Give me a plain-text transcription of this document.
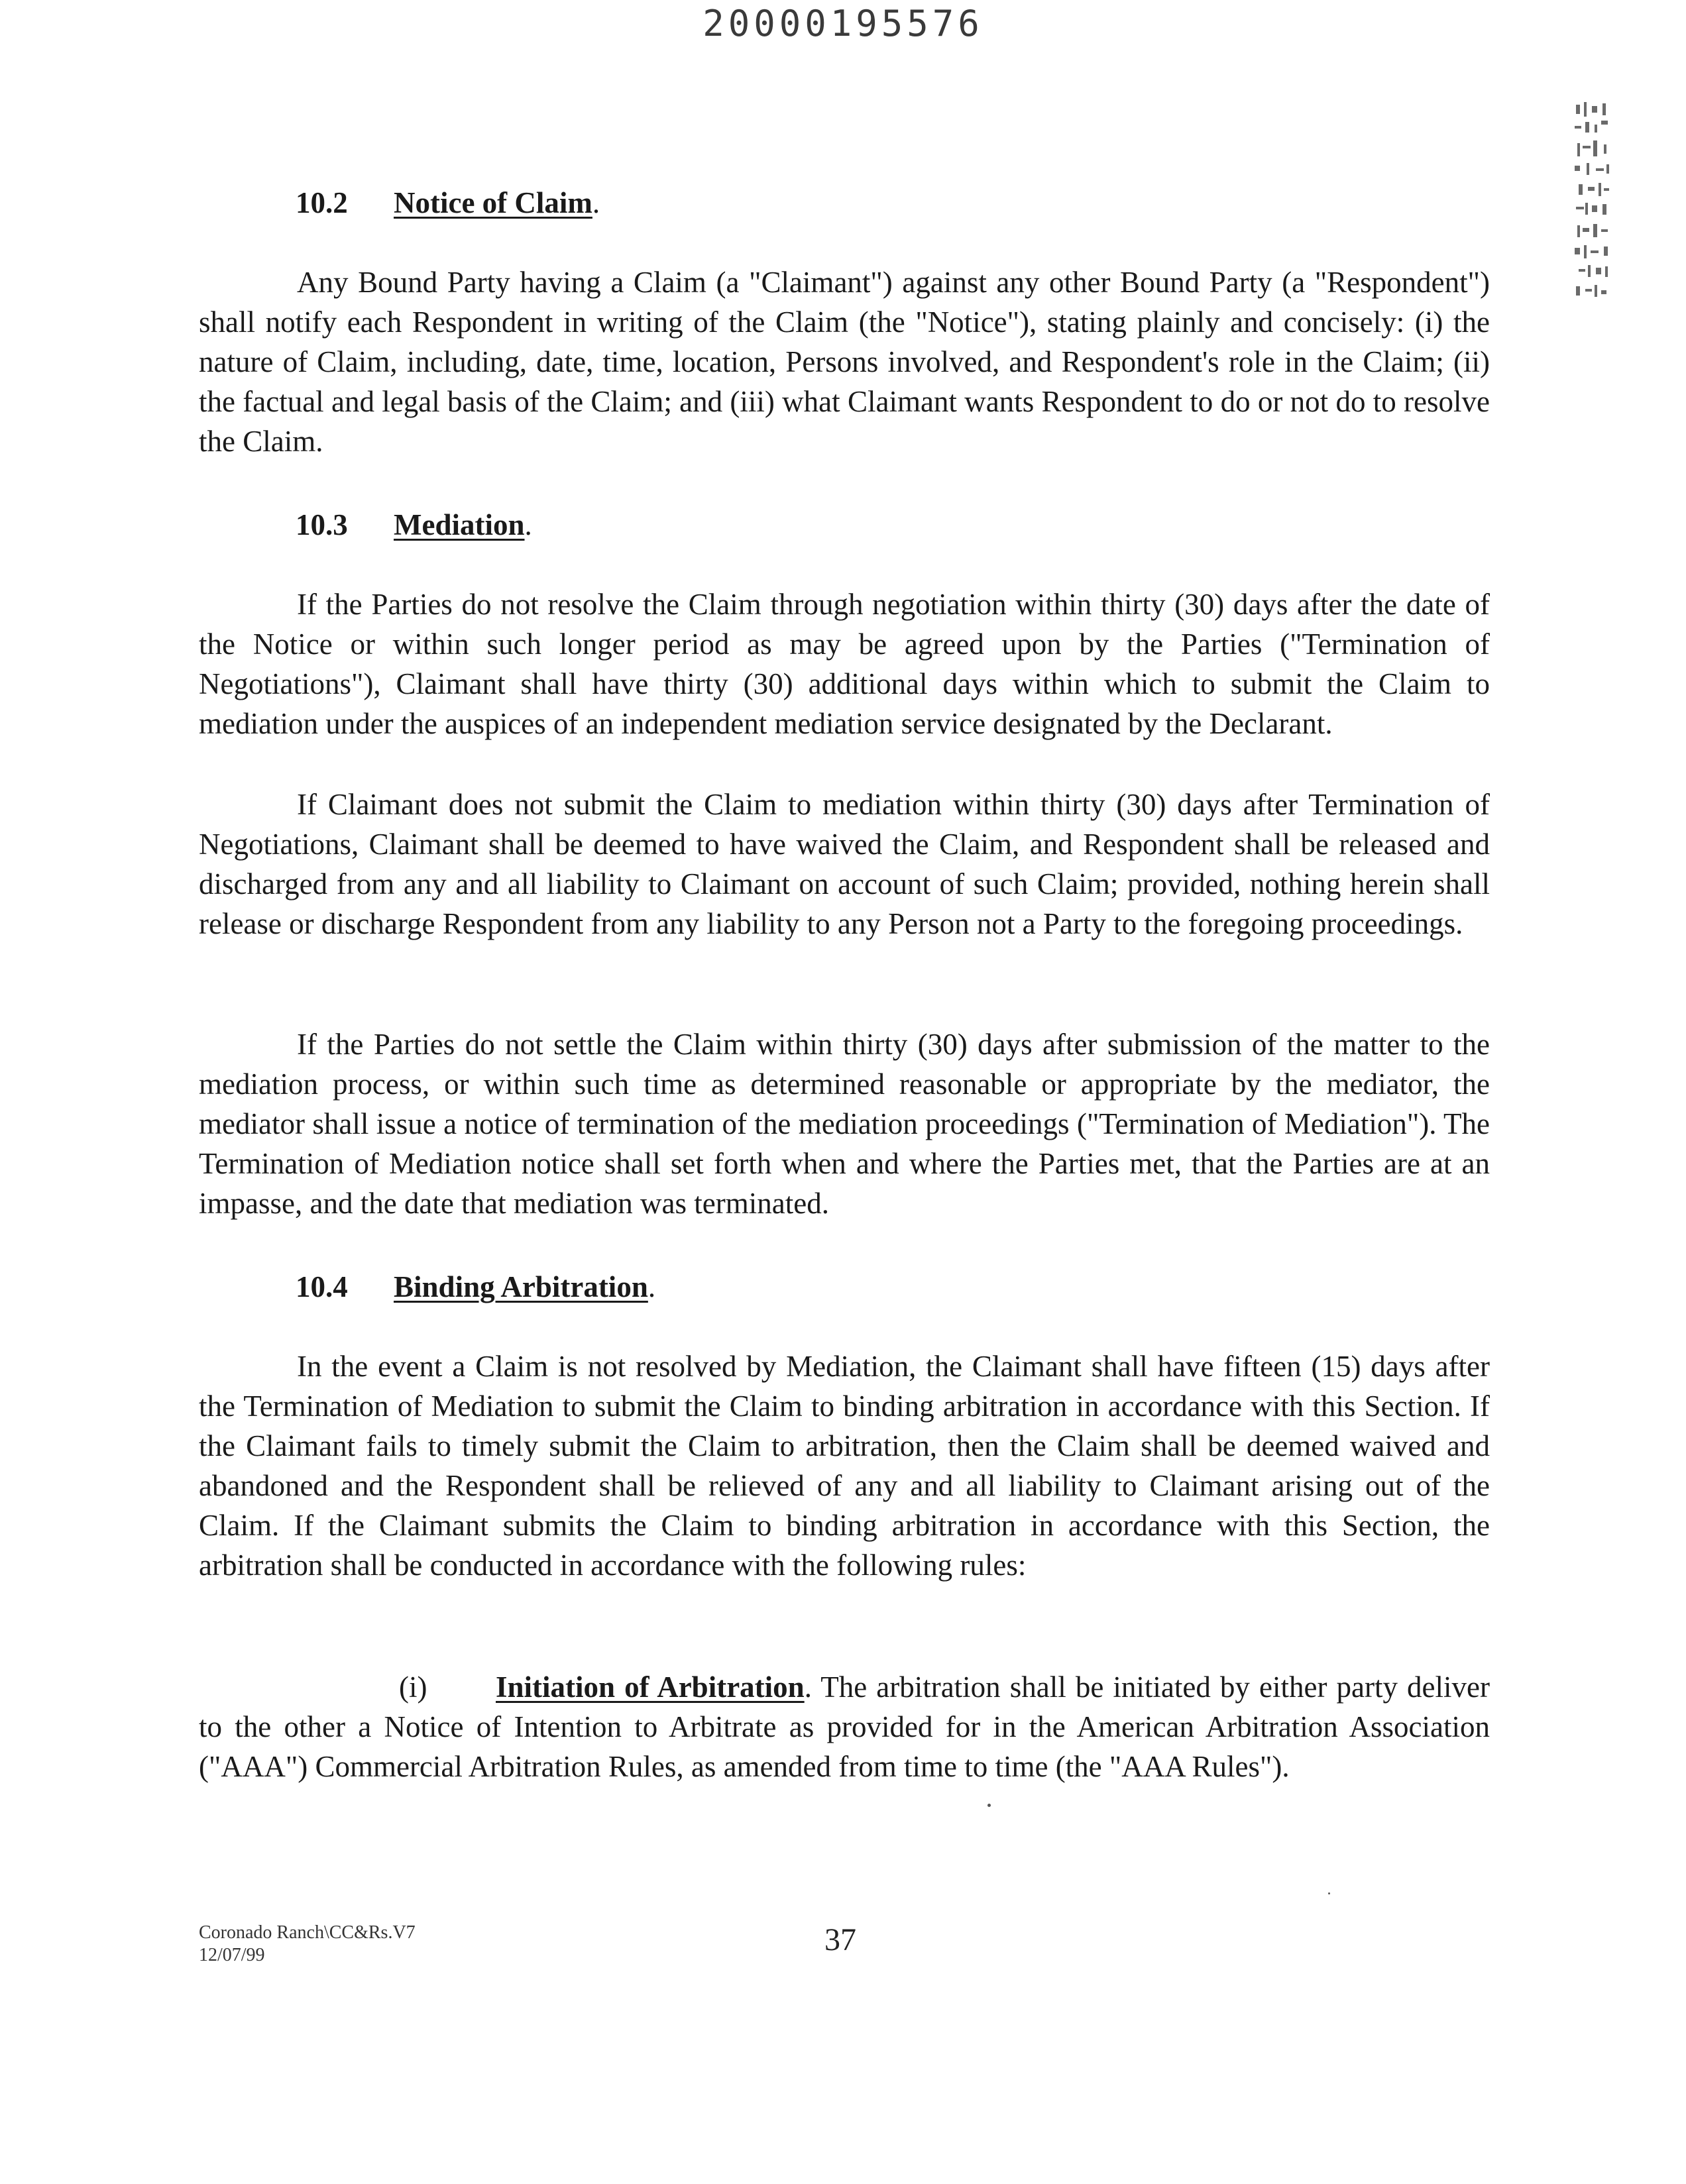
20000195576

10.2 Notice of Claim.

Any Bound Party having a Claim (a "Claimant") against any other Bound Party (a "Respondent") shall notify each Respondent in writing of the Claim (the "Notice"), stating plainly and concisely: (i) the nature of Claim, including, date, time, location, Persons involved, and Respondent's role in the Claim; (ii) the factual and legal basis of the Claim; and (iii) what Claimant wants Respondent to do or not do to resolve the Claim.

10.3 Mediation.

If the Parties do not resolve the Claim through negotiation within thirty (30) days after the date of the Notice or within such longer period as may be agreed upon by the Parties ("Termination of Negotiations"), Claimant shall have thirty (30) additional days within which to submit the Claim to mediation under the auspices of an independent mediation service designated by the Declarant.

If Claimant does not submit the Claim to mediation within thirty (30) days after Termination of Negotiations, Claimant shall be deemed to have waived the Claim, and Respondent shall be released and discharged from any and all liability to Claimant on account of such Claim; provided, nothing herein shall release or discharge Respondent from any liability to any Person not a Party to the foregoing proceedings.

If the Parties do not settle the Claim within thirty (30) days after submission of the matter to the mediation process, or within such time as determined reasonable or appropriate by the mediator, the mediator shall issue a notice of termination of the mediation proceedings ("Termination of Mediation"). The Termination of Mediation notice shall set forth when and where the Parties met, that the Parties are at an impasse, and the date that mediation was terminated.

10.4 Binding Arbitration.

In the event a Claim is not resolved by Mediation, the Claimant shall have fifteen (15) days after the Termination of Mediation to submit the Claim to binding arbitration in accordance with this Section. If the Claimant fails to timely submit the Claim to arbitration, then the Claim shall be deemed waived and abandoned and the Respondent shall be relieved of any and all liability to Claimant arising out of the Claim. If the Claimant submits the Claim to binding arbitration in accordance with this Section, the arbitration shall be conducted in accordance with the following rules:

(i) Initiation of Arbitration. The arbitration shall be initiated by either party deliver to the other a Notice of Intention to Arbitrate as provided for in the American Arbitration Association ("AAA") Commercial Arbitration Rules, as amended from time to time (the "AAA Rules").

Coronado Ranch\CC&Rs.V7
12/07/99	37
